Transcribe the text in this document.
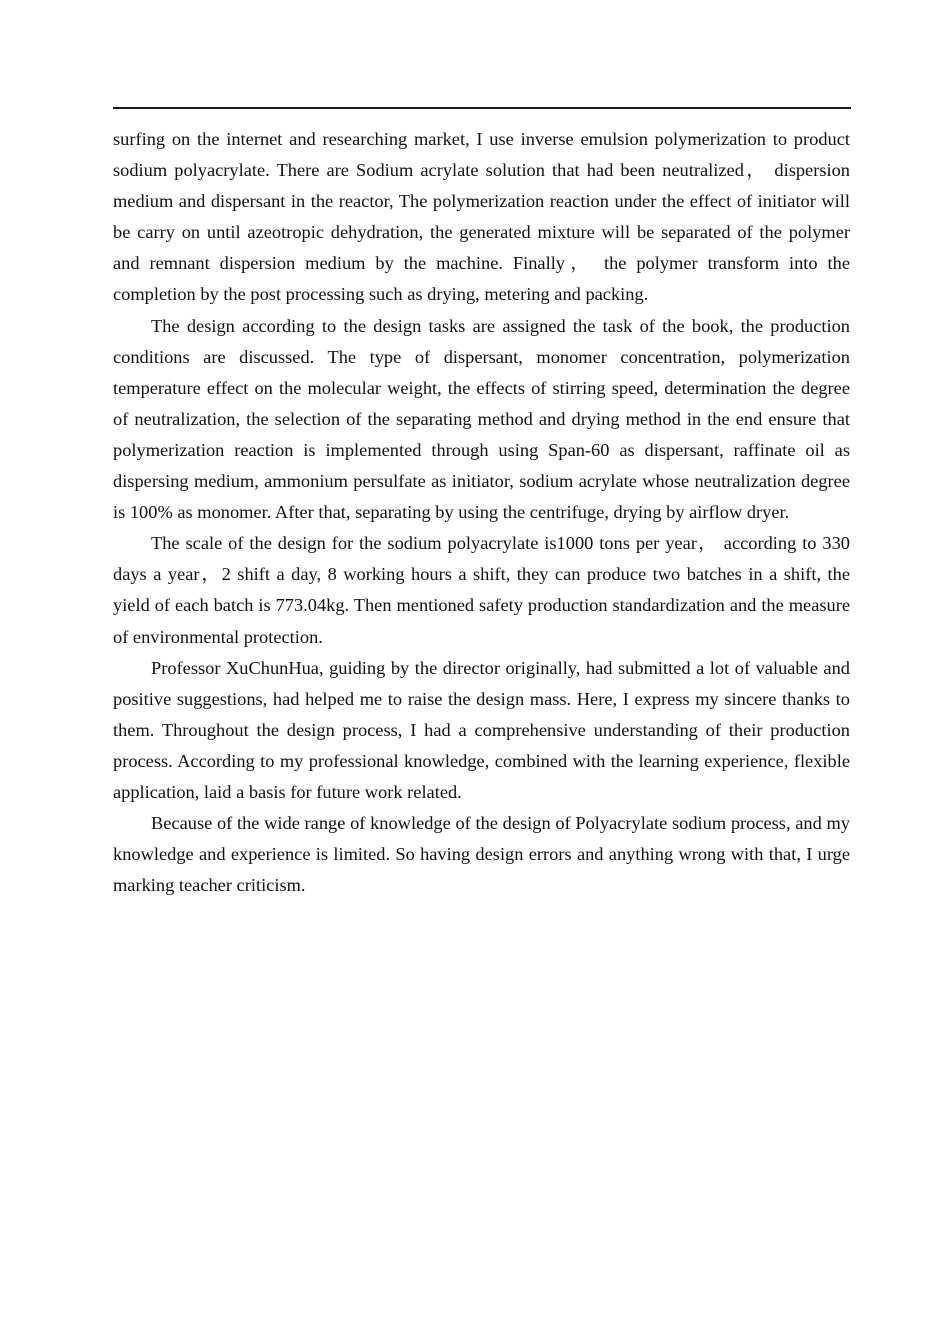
surfing on the internet and researching market, I use inverse emulsion polymerization to product sodium polyacrylate. There are Sodium acrylate solution that had been neutralized， dispersion medium and dispersant in the reactor, The polymerization reaction under the effect of initiator will be carry on until azeotropic dehydration, the generated mixture will be separated of the polymer and remnant dispersion medium by the machine. Finally， the polymer transform into the completion by the post processing such as drying, metering and packing.

The design according to the design tasks are assigned the task of the book, the production conditions are discussed. The type of dispersant, monomer concentration, polymerization temperature effect on the molecular weight, the effects of stirring speed, determination the degree of neutralization, the selection of the separating method and drying method in the end ensure that polymerization reaction is implemented through using Span-60 as dispersant, raffinate oil as dispersing medium, ammonium persulfate as initiator, sodium acrylate whose neutralization degree is 100% as monomer. After that, separating by using the centrifuge, drying by airflow dryer.

The scale of the design for the sodium polyacrylate is1000 tons per year， according to 330 days a year，2 shift a day, 8 working hours a shift, they can produce two batches in a shift, the yield of each batch is 773.04kg. Then mentioned safety production standardization and the measure of environmental protection.

Professor XuChunHua, guiding by the director originally, had submitted a lot of valuable and positive suggestions, had helped me to raise the design mass. Here, I express my sincere thanks to them. Throughout the design process, I had a comprehensive understanding of their production process. According to my professional knowledge, combined with the learning experience, flexible application, laid a basis for future work related.

Because of the wide range of knowledge of the design of Polyacrylate sodium process, and my knowledge and experience is limited. So having design errors and anything wrong with that, I urge marking teacher criticism.
